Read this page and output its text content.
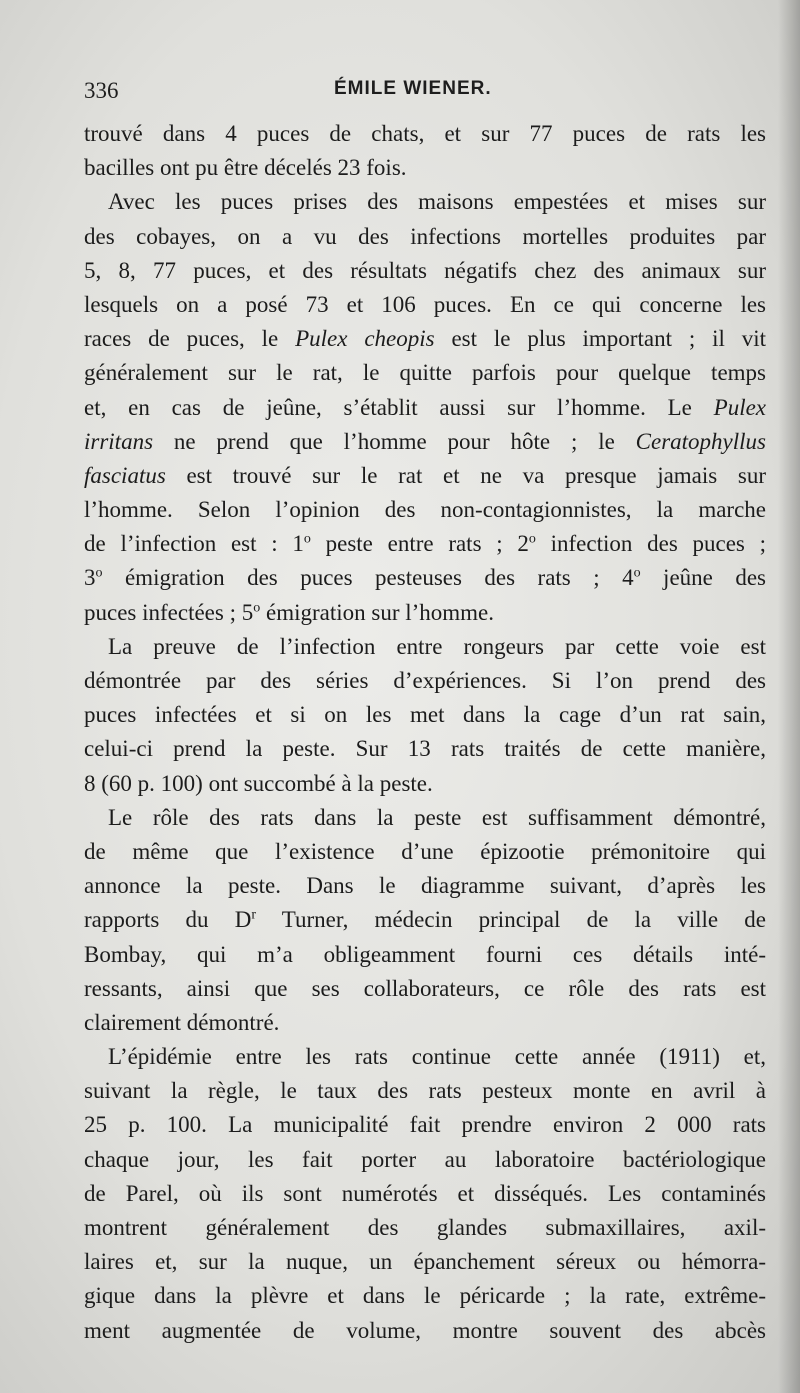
336	ÉMILE WIENER.
trouvé dans 4 puces de chats, et sur 77 puces de rats les
bacilles ont pu être décelés 23 fois.
Avec les puces prises des maisons empestées et mises sur
des cobayes, on a vu des infections mortelles produites par
5, 8, 77 puces, et des résultats négatifs chez des animaux sur
lesquels on a posé 73 et 106 puces. En ce qui concerne les
races de puces, le Pulex cheopis est le plus important ; il vit
généralement sur le rat, le quitte parfois pour quelque temps
et, en cas de jeûne, s’établit aussi sur l’homme. Le Pulex
irritans ne prend que l’homme pour hôte ; le Ceratophyllus
fasciatus est trouvé sur le rat et ne va presque jamais sur
l’homme. Selon l’opinion des non-contagionnistes, la marche
de l’infection est : 1$^o$ peste entre rats ; 2$^o$ infection des puces ;
3$^o$ émigration des puces pesteuses des rats ; 4$^o$ jeûne des
puces infectées ; 5$^o$ émigration sur l’homme.
La preuve de l’infection entre rongeurs par cette voie est
démontrée par des séries d’expériences. Si l’on prend des
puces infectées et si on les met dans la cage d’un rat sain,
celui-ci prend la peste. Sur 13 rats traités de cette manière,
8 (60 p. 100) ont succombé à la peste.
Le rôle des rats dans la peste est suffisamment démontré,
de même que l’existence d’une épizootie prémonitoire qui
annonce la peste. Dans le diagramme suivant, d’après les
rapports du $D^r$ Turner, médecin principal de la ville de
Bombay, qui m’a obligeamment fourni ces détails inté-
ressants, ainsi que ses collaborateurs, ce rôle des rats est
clairement démontré.
L’épidémie entre les rats continue cette année (1911) et,
suivant la règle, le taux des rats pesteux monte en avril à
25 p. 100. La municipalité fait prendre environ 2 000 rats
chaque jour, les fait porter au laboratoire bactériologique
de Parel, où ils sont numérotés et disséqués. Les contaminés
montrent généralement des glandes submaxillaires, axil-
laires et, sur la nuque, un épanchement séreux ou hémorra-
gique dans la plèvre et dans le péricarde ; la rate, extrême-
ment augmentée de volume, montre souvent des abcès
